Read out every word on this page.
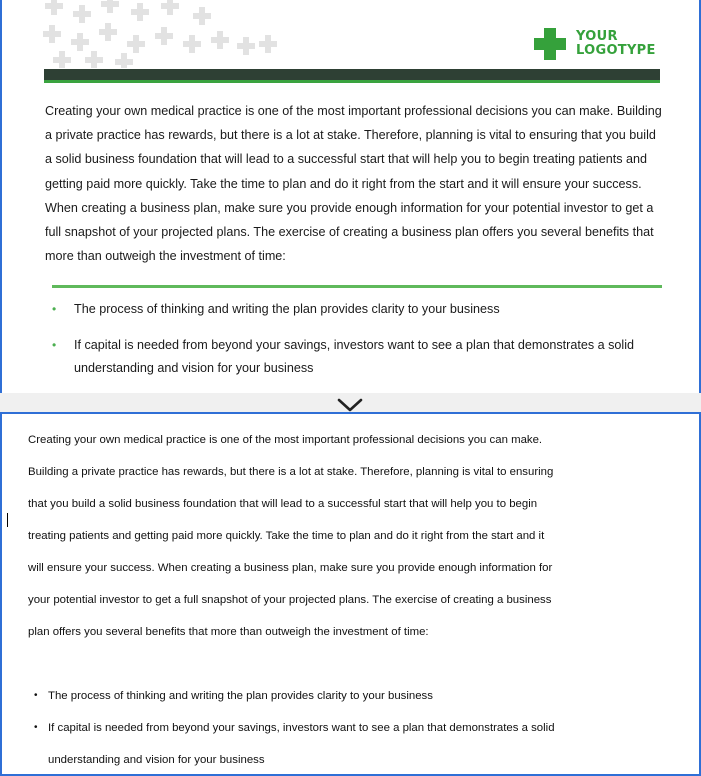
YOUR
LOGOTYPE

Creating your own medical practice is one of the most important professional decisions you can make. Building a private practice has rewards, but there is a lot at stake. Therefore, planning is vital to ensuring that you build a solid business foundation that will lead to a successful start that will help you to begin treating patients and getting paid more quickly. Take the time to plan and do it right from the start and it will ensure your success. When creating a business plan, make sure you provide enough information for your potential investor to get a full snapshot of your projected plans. The exercise of creating a business plan offers you several benefits that more than outweigh the investment of time:

• The process of thinking and writing the plan provides clarity to your business
• If capital is needed from beyond your savings, investors want to see a plan that demonstrates a solid understanding and vision for your business
Creating your own medical practice is one of the most important professional decisions you can make.
Building a private practice has rewards, but there is a lot at stake. Therefore, planning is vital to ensuring
that you build a solid business foundation that will lead to a successful start that will help you to begin
treating patients and getting paid more quickly. Take the time to plan and do it right from the start and it
will ensure your success. When creating a business plan, make sure you provide enough information for
your potential investor to get a full snapshot of your projected plans. The exercise of creating a business
plan offers you several benefits that more than outweigh the investment of time:
• The process of thinking and writing the plan provides clarity to your business
• If capital is needed from beyond your savings, investors want to see a plan that demonstrates a solid
understanding and vision for your business
